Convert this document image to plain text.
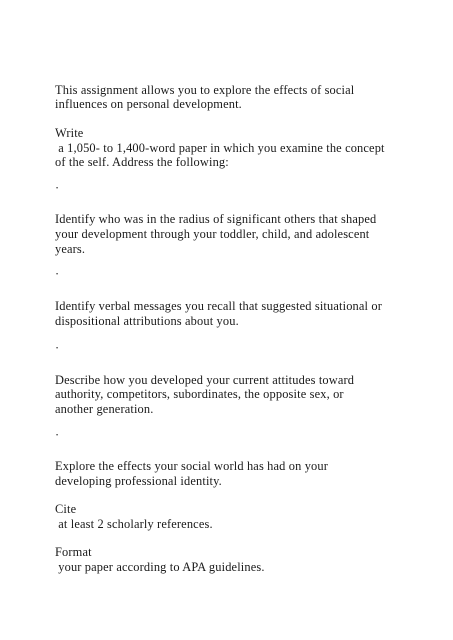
This assignment allows you to explore the effects of social

influences on personal development.

Write

a 1,050- to 1,400-word paper in which you examine the concept

of the self. Address the following:

·

Identify who was in the radius of significant others that shaped

your development through your toddler, child, and adolescent

years.

·

Identify verbal messages you recall that suggested situational or

dispositional attributions about you.

·

Describe how you developed your current attitudes toward

authority, competitors, subordinates, the opposite sex, or

another generation.

·

Explore the effects your social world has had on your

developing professional identity.

Cite

at least 2 scholarly references.

Format

your paper according to APA guidelines.
